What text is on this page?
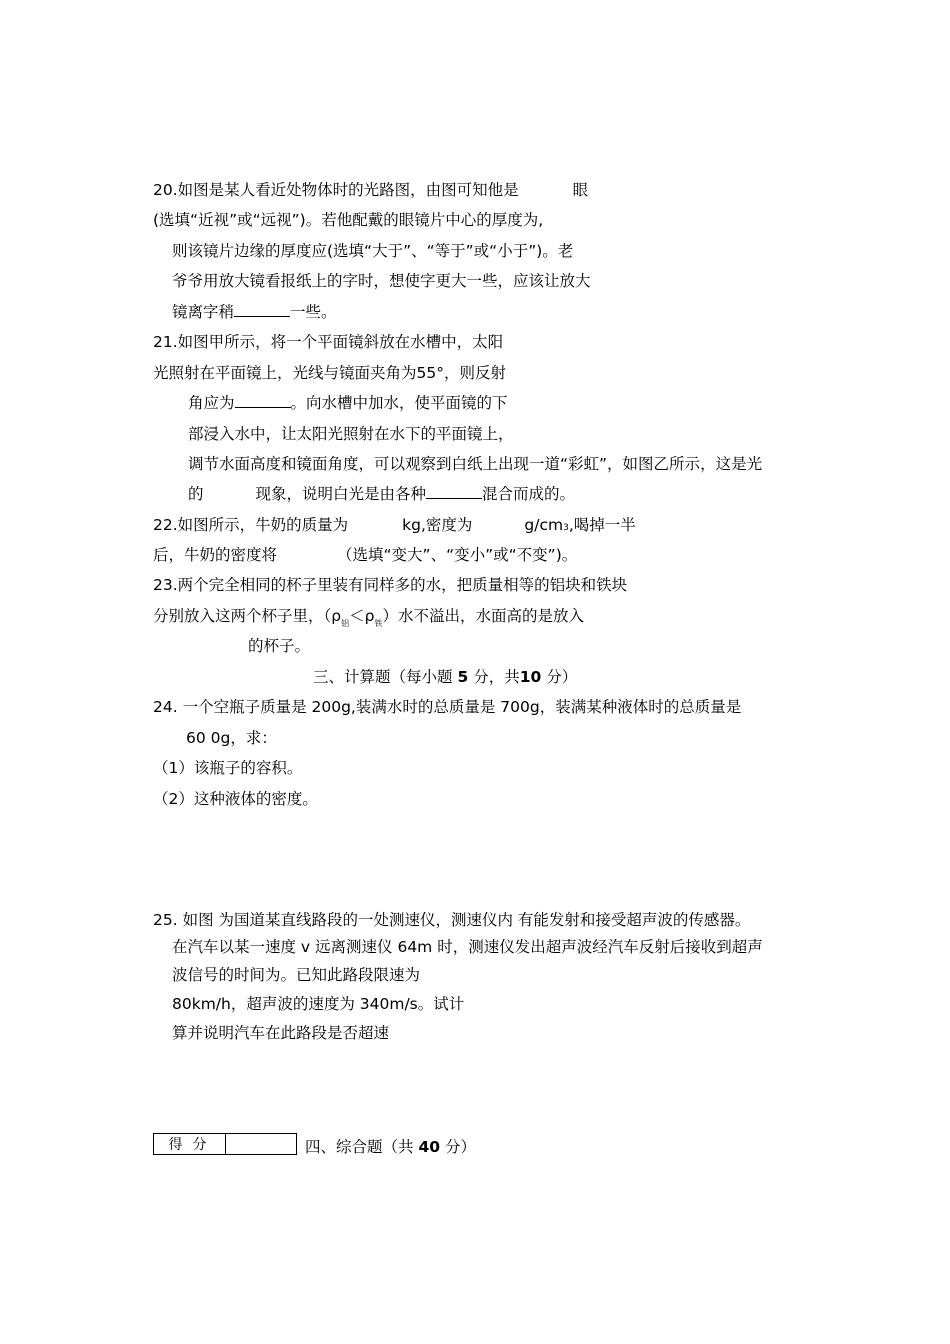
20.如图是某人看近处物体时的光路图，由图可知他是	眼
(选填“近视”或“远视”)。若他配戴的眼镜片中心的厚度为,
则该镜片边缘的厚度应(选填“大于”、“等于”或“小于”)。老
爷爷用放大镜看报纸上的字时，想使字更大一些，应该让放大
镜离字稍	一些。
21.如图甲所示，将一个平面镜斜放在水槽中，太阳
光照射在平面镜上，光线与镜面夹角为55°，则反射
角应为	。向水槽中加水，使平面镜的下
部浸入水中，让太阳光照射在水下的平面镜上，
调节水面高度和镜面角度，可以观察到白纸上出现一道“彩虹”，如图乙所示，这是光
的	现象，说明白光是由各种	混合而成的。
22.如图所示，牛奶的质量为	kg,密度为	g/cm3,喝掉一半
后，牛奶的密度将	（选填“变大”、“变小”或“不变”)。
23.两个完全相同的杯子里装有同样多的水，把质量相等的铝块和铁块
分别放入这两个杯子里，$(\rho_铝<\rho_铁)$水不溢出，水面高的是放入
的杯子。
三、计算题（每小题 5 分，共10 分）
24. 一个空瓶子质量是 200g,装满水时的总质量是 700g，装满某种液体时的总质量是
60 0g，求：
（1）该瓶子的容积。
（2）这种液体的密度。
25. 如图 为国道某直线路段的一处测速仪，测速仪内 有能发射和接受超声波的传感器。
在汽车以某一速度 v 远离测速仪 64m 时，测速仪发出超声波经汽车反射后接收到超声
波信号的时间为。已知此路段限速为
80km/h，超声波的速度为 340m/s。试计
算并说明汽车在此路段是否超速
得分	四、综合题（共 40 分）
